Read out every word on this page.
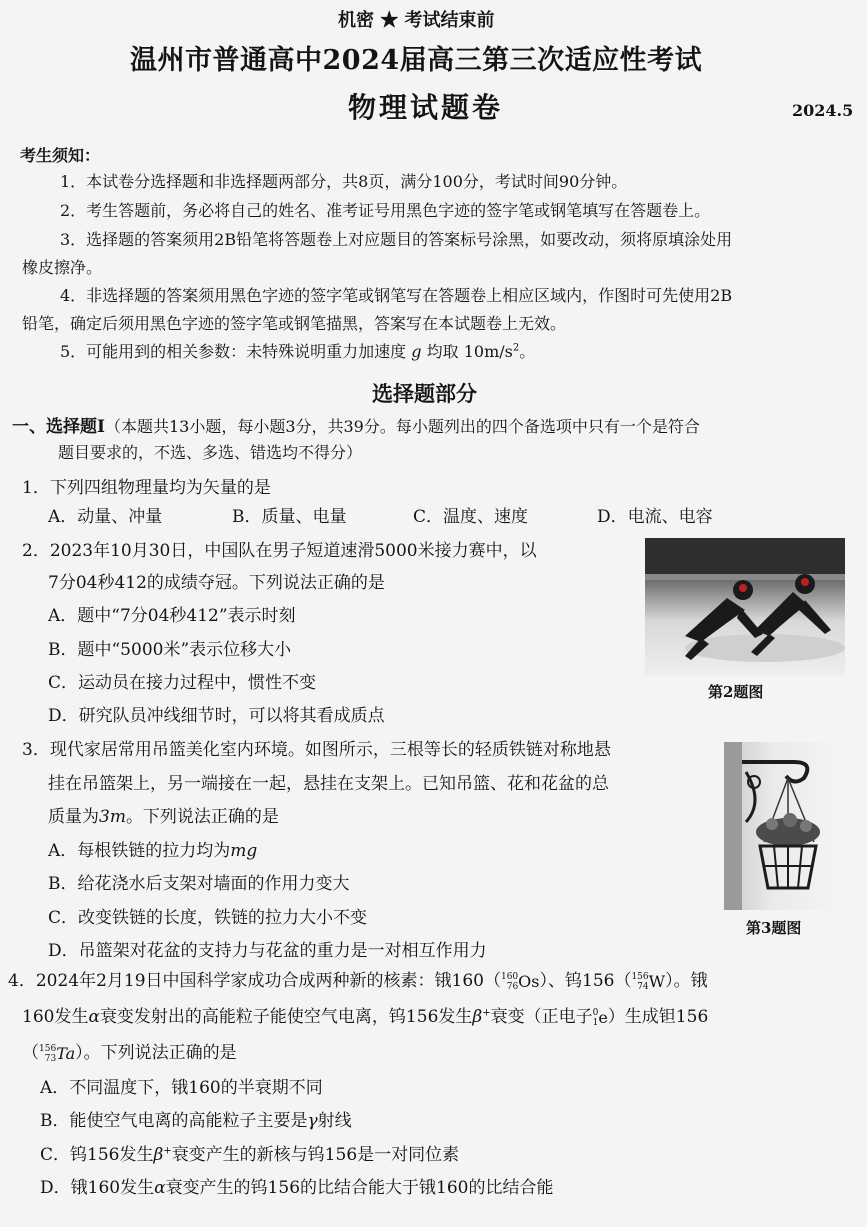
机密 ★ 考试结束前
温州市普通高中2024届高三第三次适应性考试
物理试题卷	2024.5
考生须知：
1．本试卷分选择题和非选择题两部分，共8页，满分100分，考试时间90分钟。
2．考生答题前，务必将自己的姓名、准考证号用黑色字迹的签字笔或钢笔填写在答题卷上。
3．选择题的答案须用2B铅笔将答题卷上对应题目的答案标号涂黑，如要改动，须将原填涂处用
橡皮擦净。
4．非选择题的答案须用黑色字迹的签字笔或钢笔写在答题卷上相应区域内，作图时可先使用2B
铅笔，确定后须用黑色字迹的签字笔或钢笔描黑，答案写在本试题卷上无效。
5．可能用到的相关参数：未特殊说明重力加速度 g 均取 $10m/s^2$。
选择题部分
一、选择题Ⅰ（本题共13小题，每小题3分，共39分。每小题列出的四个备选项中只有一个是符合
题目要求的，不选、多选、错选均不得分）
1．下列四组物理量均为矢量的是
A．动量、冲量	B．质量、电量	C．温度、速度	D．电流、电容
2．2023年10月30日，中国队在男子短道速滑5000米接力赛中，以
7分04秒412的成绩夺冠。下列说法正确的是
A．题中“7分04秒412”表示时刻
B．题中“5000米”表示位移大小
C．运动员在接力过程中，惯性不变
D．研究队员冲线细节时，可以将其看成质点
第2题图
3．现代家居常用吊篮美化室内环境。如图所示，三根等长的轻质铁链对称地悬
挂在吊篮架上，另一端接在一起，悬挂在支架上。已知吊篮、花和花盆的总
质量为3m。下列说法正确的是
A．每根铁链的拉力均为mg
B．给花浇水后支架对墙面的作用力变大
C．改变铁链的长度，铁链的拉力大小不变
D．吊篮架对花盆的支持力与花盆的重力是一对相互作用力
第3题图
4．2024年2月19日中国科学家成功合成两种新的核素：锇160（ 160
76 Os）、钨156（ 156
74 W）。锇
160发生α衰变发射出的高能粒子能使空气电离，钨156发生β+衰变（正电子 0
1 e）生成钽156
（ 156
73 Ta）。下列说法正确的是
A．不同温度下，锇160的半衰期不同
B．能使空气电离的高能粒子主要是γ射线
C．钨156发生β+衰变产生的新核与钨156是一对同位素
D．锇160发生α衰变产生的钨156的比结合能大于锇160的比结合能
